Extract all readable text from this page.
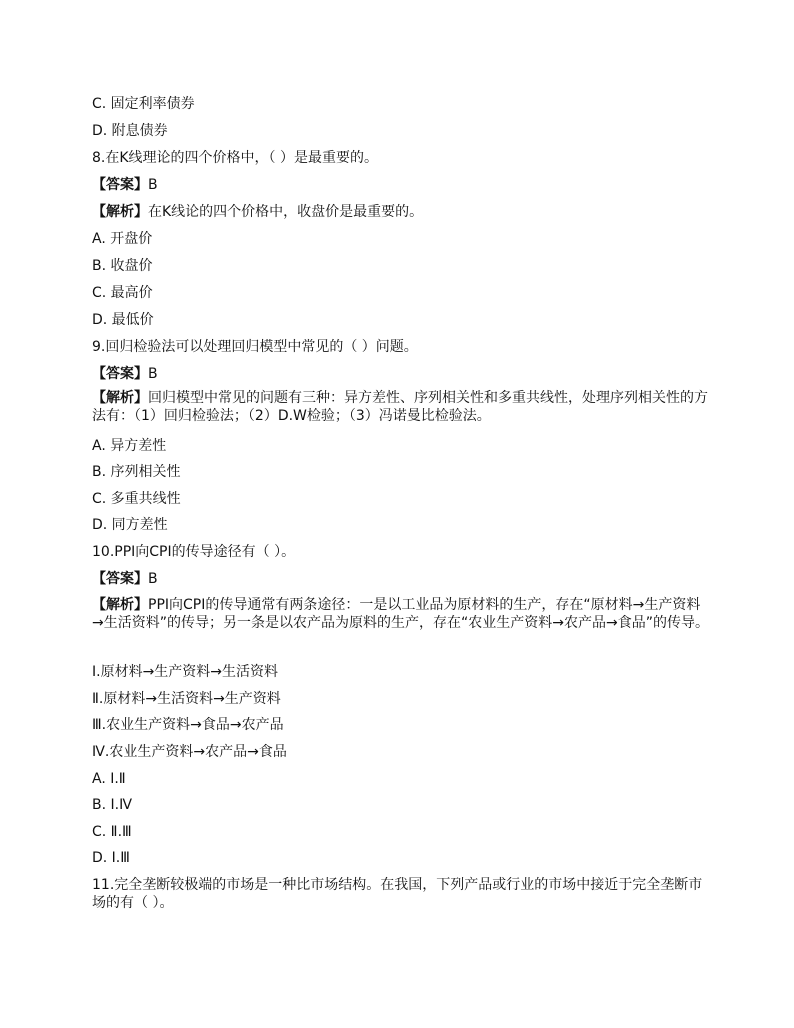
C. 固定利率债券
D. 附息债券
8.在K线理论的四个价格中，（ ）是最重要的。
【答案】B
【解析】在K线论的四个价格中，收盘价是最重要的。
A. 开盘价
B. 收盘价
C. 最高价
D. 最低价
9.回归检验法可以处理回归模型中常见的（ ）问题。
【答案】B
【解析】回归模型中常见的问题有三种：异方差性、序列相关性和多重共线性，处理序列相关性的方法有：（1）回归检验法；（2）D.W检验；（3）冯诺曼比检验法。
A. 异方差性
B. 序列相关性
C. 多重共线性
D. 同方差性
10.PPI向CPI的传导途径有（ ）。
【答案】B
【解析】PPI向CPI的传导通常有两条途径：一是以工业品为原材料的生产，存在“原材料→生产资料→生活资料”的传导；另一条是以农产品为原料的生产，存在“农业生产资料→农产品→食品”的传导。
Ⅰ.原材料→生产资料→生活资料
Ⅱ.原材料→生活资料→生产资料
Ⅲ.农业生产资料→食品→农产品
Ⅳ.农业生产资料→农产品→食品
A. Ⅰ.Ⅱ
B. Ⅰ.Ⅳ
C. Ⅱ.Ⅲ
D. Ⅰ.Ⅲ
11.完全垄断较极端的市场是一种比市场结构。在我国，下列产品或行业的市场中接近于完全垄断市场的有（ ）。
